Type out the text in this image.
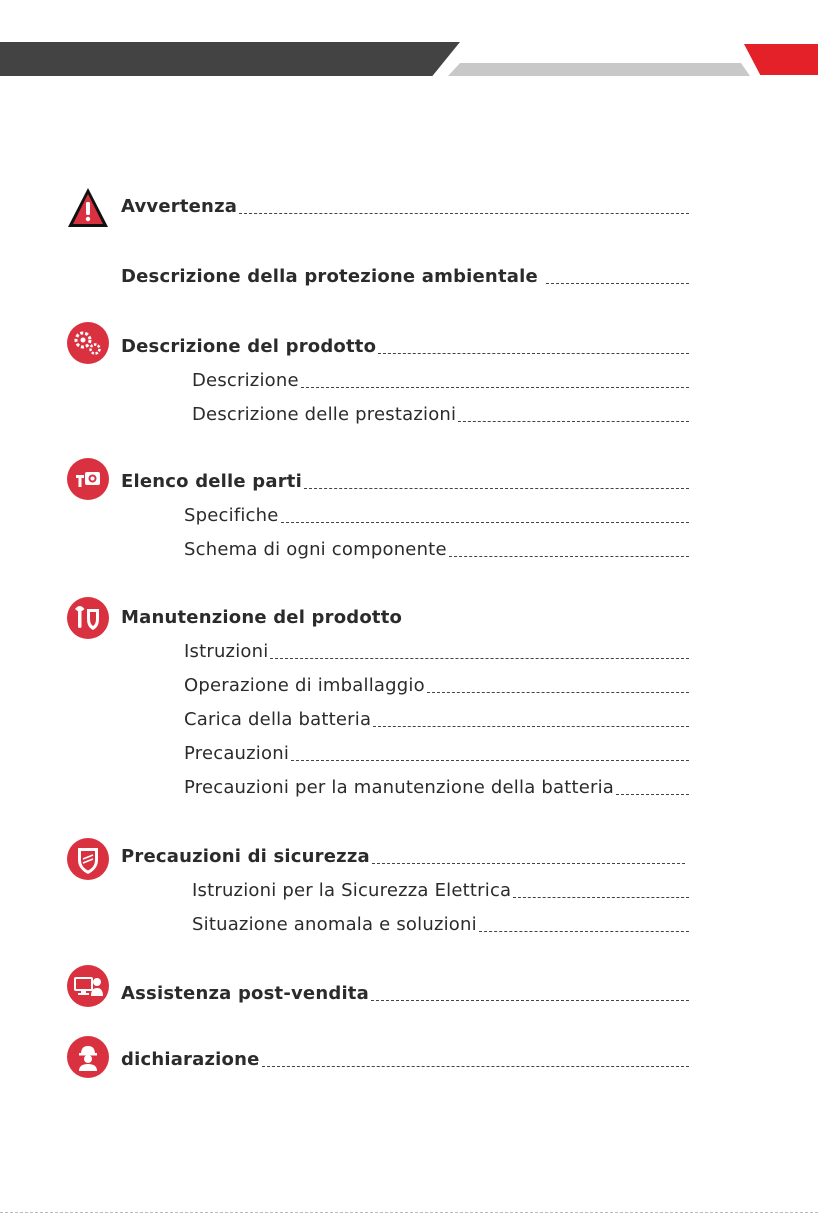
Avvertenza
Descrizione della protezione ambientale
Descrizione del prodotto
Descrizione
Descrizione delle prestazioni
Elenco delle parti
Specifiche
Schema di ogni componente
Manutenzione del prodotto
Istruzioni
Operazione di imballaggio
Carica della batteria
Precauzioni
Precauzioni per la manutenzione della batteria
Precauzioni di sicurezza
Istruzioni per la Sicurezza Elettrica
Situazione anomala e soluzioni
Assistenza post-vendita
dichiarazione
